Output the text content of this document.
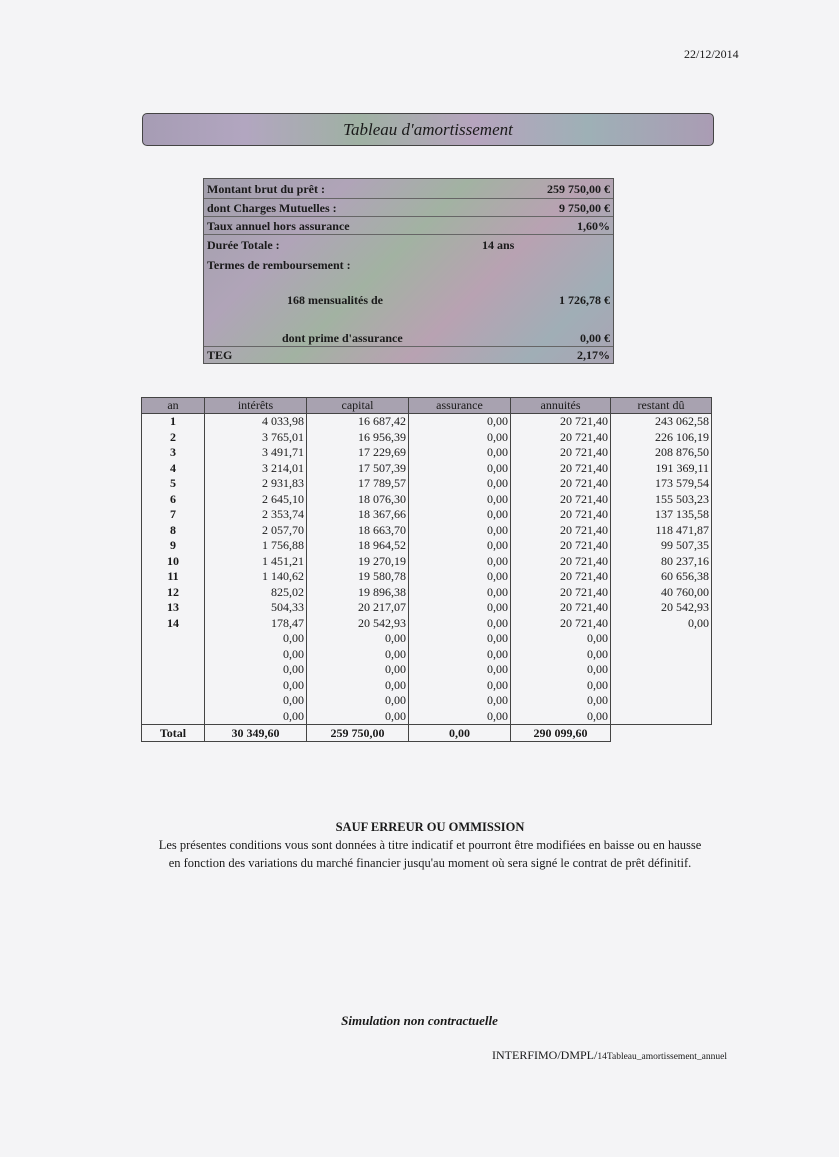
22/12/2014
Tableau d'amortissement
Montant brut du prêt :	259 750,00 €
dont Charges Mutuelles :	9 750,00 €
Taux annuel hors assurance	1,60%
Durée Totale :	14 ans
Termes de remboursement :
168 mensualités de	1 726,78 €
dont prime d'assurance	0,00 €
TEG	2,17%
an	intérêts	capital	assurance	annuités	restant dû
1	4 033,98	16 687,42	0,00	20 721,40	243 062,58
2	3 765,01	16 956,39	0,00	20 721,40	226 106,19
3	3 491,71	17 229,69	0,00	20 721,40	208 876,50
4	3 214,01	17 507,39	0,00	20 721,40	191 369,11
5	2 931,83	17 789,57	0,00	20 721,40	173 579,54
6	2 645,10	18 076,30	0,00	20 721,40	155 503,23
7	2 353,74	18 367,66	0,00	20 721,40	137 135,58
8	2 057,70	18 663,70	0,00	20 721,40	118 471,87
9	1 756,88	18 964,52	0,00	20 721,40	99 507,35
10	1 451,21	19 270,19	0,00	20 721,40	80 237,16
11	1 140,62	19 580,78	0,00	20 721,40	60 656,38
12	825,02	19 896,38	0,00	20 721,40	40 760,00
13	504,33	20 217,07	0,00	20 721,40	20 542,93
14	178,47	20 542,93	0,00	20 721,40	0,00
	0,00	0,00	0,00	0,00	
	0,00	0,00	0,00	0,00	
	0,00	0,00	0,00	0,00	
	0,00	0,00	0,00	0,00	
	0,00	0,00	0,00	0,00	
	0,00	0,00	0,00	0,00	
Total	30 349,60	259 750,00	0,00	290 099,60	
SAUF ERREUR OU OMMISSION
Les présentes conditions vous sont données à titre indicatif et pourront être modifiées en baisse ou en hausse
en fonction des variations du marché financier jusqu'au moment où sera signé le contrat de prêt définitif.
Simulation non contractuelle
INTERFIMO/DMPL/14Tableau_amortissement_annuel
